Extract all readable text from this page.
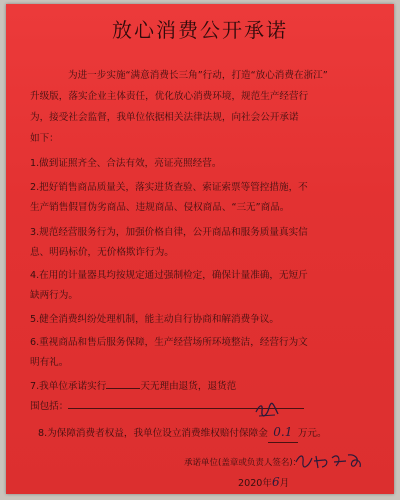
放心消费公开承诺
为进一步实施“满意消费长三角”行动，打造“放心消费在浙江”
升级版，落实企业主体责任，优化放心消费环境，规范生产经营行
为，接受社会监督，我单位依据相关法律法规，向社会公开承诺
如下：
1.做到证照齐全、合法有效，亮证亮照经营。
2.把好销售商品质量关，落实进货查验、索证索票等管控措施，不
生产销售假冒伪劣商品、违规商品、侵权商品、“三无”商品。
3.规范经营服务行为，加强价格自律，公开商品和服务质量真实信
息、明码标价，无价格欺诈行为。
4.在用的计量器具均按规定通过强制检定，确保计量准确，无短斤
缺两行为。
5.健全消费纠纷处理机制，能主动自行协商和解消费争议。
6.重视商品和售后服务保障，生产经营场所环境整洁，经营行为文
明有礼。
7.我单位承诺实行	天无理由退货，退货范
围包括：
8.为保障消费者权益，我单位设立消费维权赔付保障金 0.1 万元。
承诺单位(盖章或负责人签名)：
2020年6月
